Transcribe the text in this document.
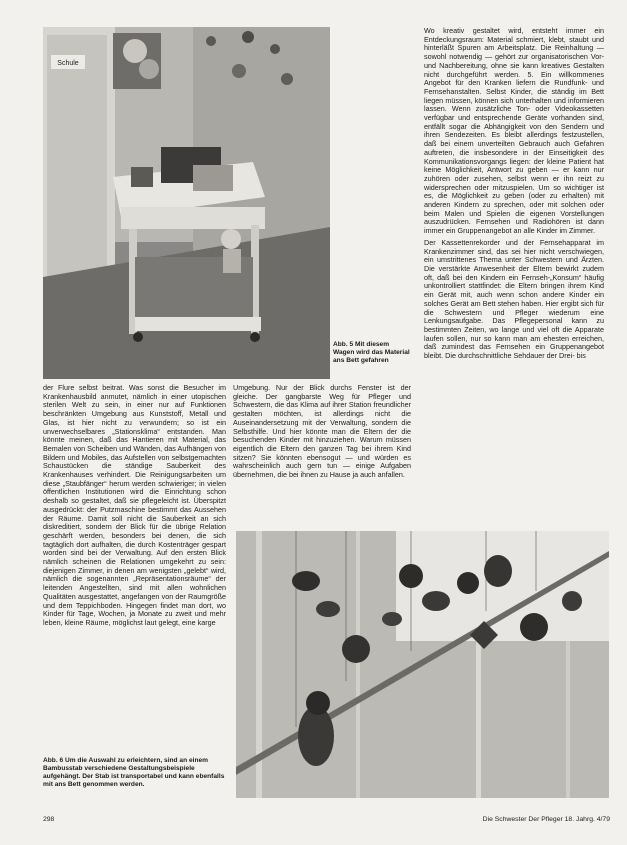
Schule
Abb. 5 Mit diesem Wagen wird das Material ans Bett gefahren

der Flure selbst beitrat. Was sonst die Besucher im Krankenhausbild anmutet, nämlich in einer utopischen sterilen Welt zu sein, in einer nur auf Funktionen beschränkten Umgebung aus Kunststoff, Metall und Glas, ist hier nicht zu verwundern; so ist ein unverwechselbares „Stationsklima“ entstanden. Man könnte meinen, daß das Hantieren mit Material, das Bemalen von Scheiben und Wänden, das Aufhängen von Bildern und Mobiles, das Aufstellen von selbstgemachten Schaustücken die ständige Sauberkeit des Krankenhauses verhindert. Die Reinigungsarbeiten um diese „Staubfänger“ herum werden schwieriger; in vielen öffentlichen Institutionen wird die Einrichtung schon deshalb so gestaltet, daß sie pflegeleicht ist. Überspitzt ausgedrückt: der Putzmaschine bestimmt das Aussehen der Räume. Damit soll nicht die Sauberkeit an sich diskreditiert, sondern der Blick für die übrige Relation geschärft werden, besonders bei denen, die sich tagtäglich dort aufhalten, die durch Kostenträger gespart worden sind bei der Verwaltung. Auf den ersten Blick nämlich scheinen die Relationen umgekehrt zu sein: diejenigen Zimmer, in denen am wenigsten „gelebt“ wird, nämlich die sogenannten „Repräsentationsräume“ der leitenden Angestellten, sind mit allen wohnlichen Qualitäten ausgestattet, angefangen von der Raumgröße und dem Teppichboden. Hingegen findet man dort, wo Kinder für Tage, Wochen, ja Monate zu zweit und mehr leben, kleine Räume, möglichst laut gelegt, eine karge

Umgebung. Nur der Blick durchs Fenster ist der gleiche. Der gangbarste Weg für Pfleger und Schwestern, die das Klima auf ihrer Station freundlicher gestalten möchten, ist allerdings nicht die Auseinandersetzung mit der Verwaltung, sondern die Selbsthilfe. Und hier könnte man die Eltern der die besuchenden Kinder mit hinzuziehen. Warum müssen eigentlich die Eltern den ganzen Tag bei ihrem Kind sitzen? Sie könnten ebensogut — und würden es wahrscheinlich auch gern tun — einige Aufgaben übernehmen, die bei ihnen zu Hause ja auch anfallen.

Wo kreativ gestaltet wird, entsteht immer ein Entdeckungsraum: Material schmiert, klebt, staubt und hinterläßt Spuren am Arbeitsplatz. Die Reinhaltung — sowohl notwendig — gehört zur organisatorischen Vor- und Nachbereitung, ohne sie kann kreatives Gestalten nicht durchgeführt werden. 5. Ein willkommenes Angebot für den Kranken liefern die Rundfunk- und Fernsehanstalten. Selbst Kinder, die ständig im Bett liegen müssen, können sich unterhalten und informieren lassen. Wenn zusätzliche Ton- oder Videokassetten verfügbar und entsprechende Geräte vorhanden sind, entfällt sogar die Abhängigkeit von den Sendern und ihren Sendezeiten. Es bleibt allerdings festzustellen, daß bei einem unverteilten Gebrauch auch Gefahren auftreten, die insbesondere in der Einseitigkeit des Kommunikationsvorgangs liegen: der kleine Patient hat keine Möglichkeit, Antwort zu geben — er kann nur zuhören oder zusehen, selbst wenn er ihn reizt zu widersprechen oder mitzuspielen. Um so wichtiger ist es, die Möglichkeit zu geben (oder zu erhalten) mit anderen Kindern zu sprechen, oder mit solchen oder beim Malen und Spielen die eigenen Vorstellungen auszudrücken. Fernsehen und Radiohören ist dann immer ein Gruppenangebot an alle Kinder im Zimmer.

Der Kassettenrekorder und der Fernsehapparat im Krankenzimmer sind, das sei hier nicht verschwiegen, ein umstrittenes Thema unter Schwestern und Ärzten. Die verstärkte Anwesenheit der Eltern bewirkt zudem oft, daß bei den Kindern ein Fernseh-„Konsum“ häufig unkontrolliert stattfindet: die Eltern bringen ihrem Kind ein Gerät mit, auch wenn schon andere Kinder ein solches Gerät am Bett stehen haben. Hier ergibt sich für die Schwestern und Pfleger wiederum eine Lenkungsaufgabe. Das Pflegepersonal kann zu bestimmten Zeiten, wo lange und viel oft die Apparate laufen sollen, nur so kann man am ehesten erreichen, daß zumindest das Fernsehen ein Gruppenangebot bleibt. Die durchschnittliche Sehdauer der Drei- bis

Abb. 6 Um die Auswahl zu erleichtern, sind an einem Bambusstab verschiedene Gestaltungsbeispiele aufgehängt. Der Stab ist transportabel und kann ebenfalls mit ans Bett genommen werden.
298	Die Schwester Der Pfleger 18. Jahrg. 4/79
